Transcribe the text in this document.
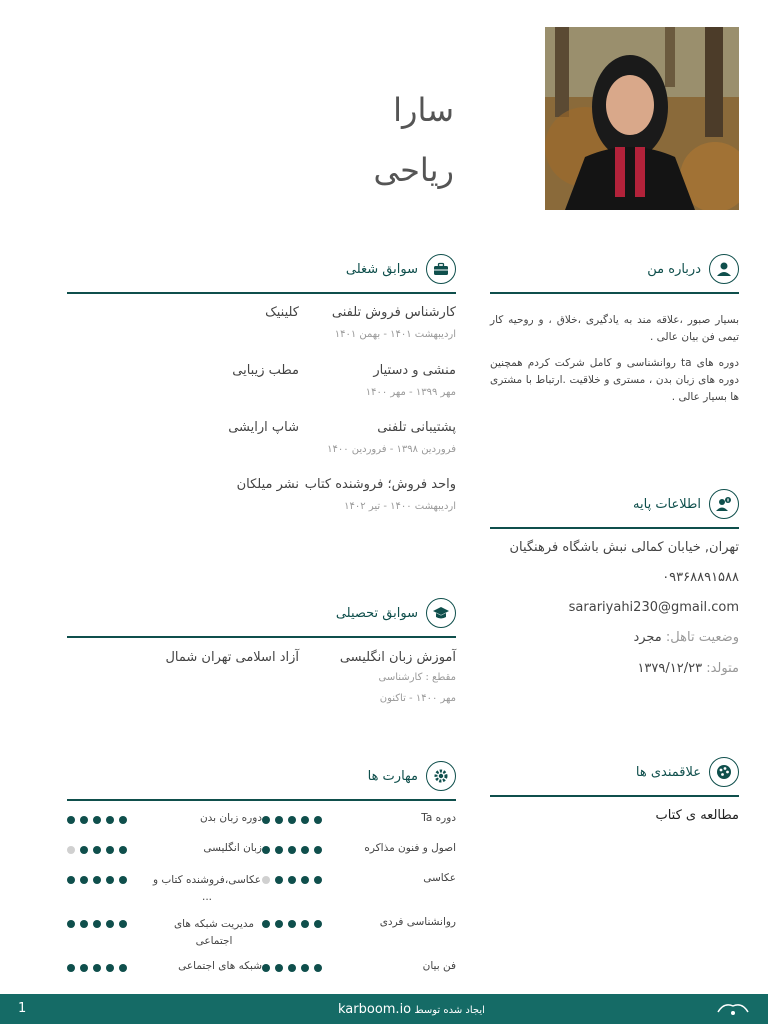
سارا
ریاحی
درباره من

بسیار صبور ،علاقه مند به یادگیری ،خلاق ، و روحیه کار تیمی فن بیان عالی .

دوره های ta روانشناسی و کامل شرکت کردم همچنین دوره های زبان بدن ، مستری و خلاقیت .ارتباط با مشتری ها بسیار عالی .

اطلاعات پایه
تهران, خیابان کمالی نبش باشگاه فرهنگیان
۰۹۳۶۸۸۹۱۵۸۸
sarariyahi230@gmail.com
وضعیت تاهل: مجرد
متولد: ۱۳۷۹/۱۲/۲۳
علاقمندی ها
مطالعه ی کتاب
سوابق شغلی
کارشناس فروش تلفنی
کلینیک
اردیبهشت ۱۴۰۱ - بهمن ۱۴۰۱
منشی و دستیار
مطب زیبایی
مهر ۱۳۹۹ - مهر ۱۴۰۰
پشتیبانی تلفنی
شاپ ارایشی
فروردین ۱۳۹۸ - فروردین ۱۴۰۰
واحد فروش؛ فروشنده کتاب
نشر میلکان
اردیبهشت ۱۴۰۰ - تیر ۱۴۰۲
سوابق تحصیلی
آموزش زبان انگلیسی
آزاد اسلامی تهران شمال
مقطع : کارشناسی
مهر ۱۴۰۰ - تاکنون
مهارت ها
دوره Ta
اصول و فنون مذاکره
عکاسی
روانشناسی فردی
فن بیان
دوره زبان بدن
زبان انگلیسی
عکاسی،فروشنده کتاب و ...
مدیریت شبکه های اجتماعی
شبکه های اجتماعی
ایجاد شده توسط karboom.io
1
